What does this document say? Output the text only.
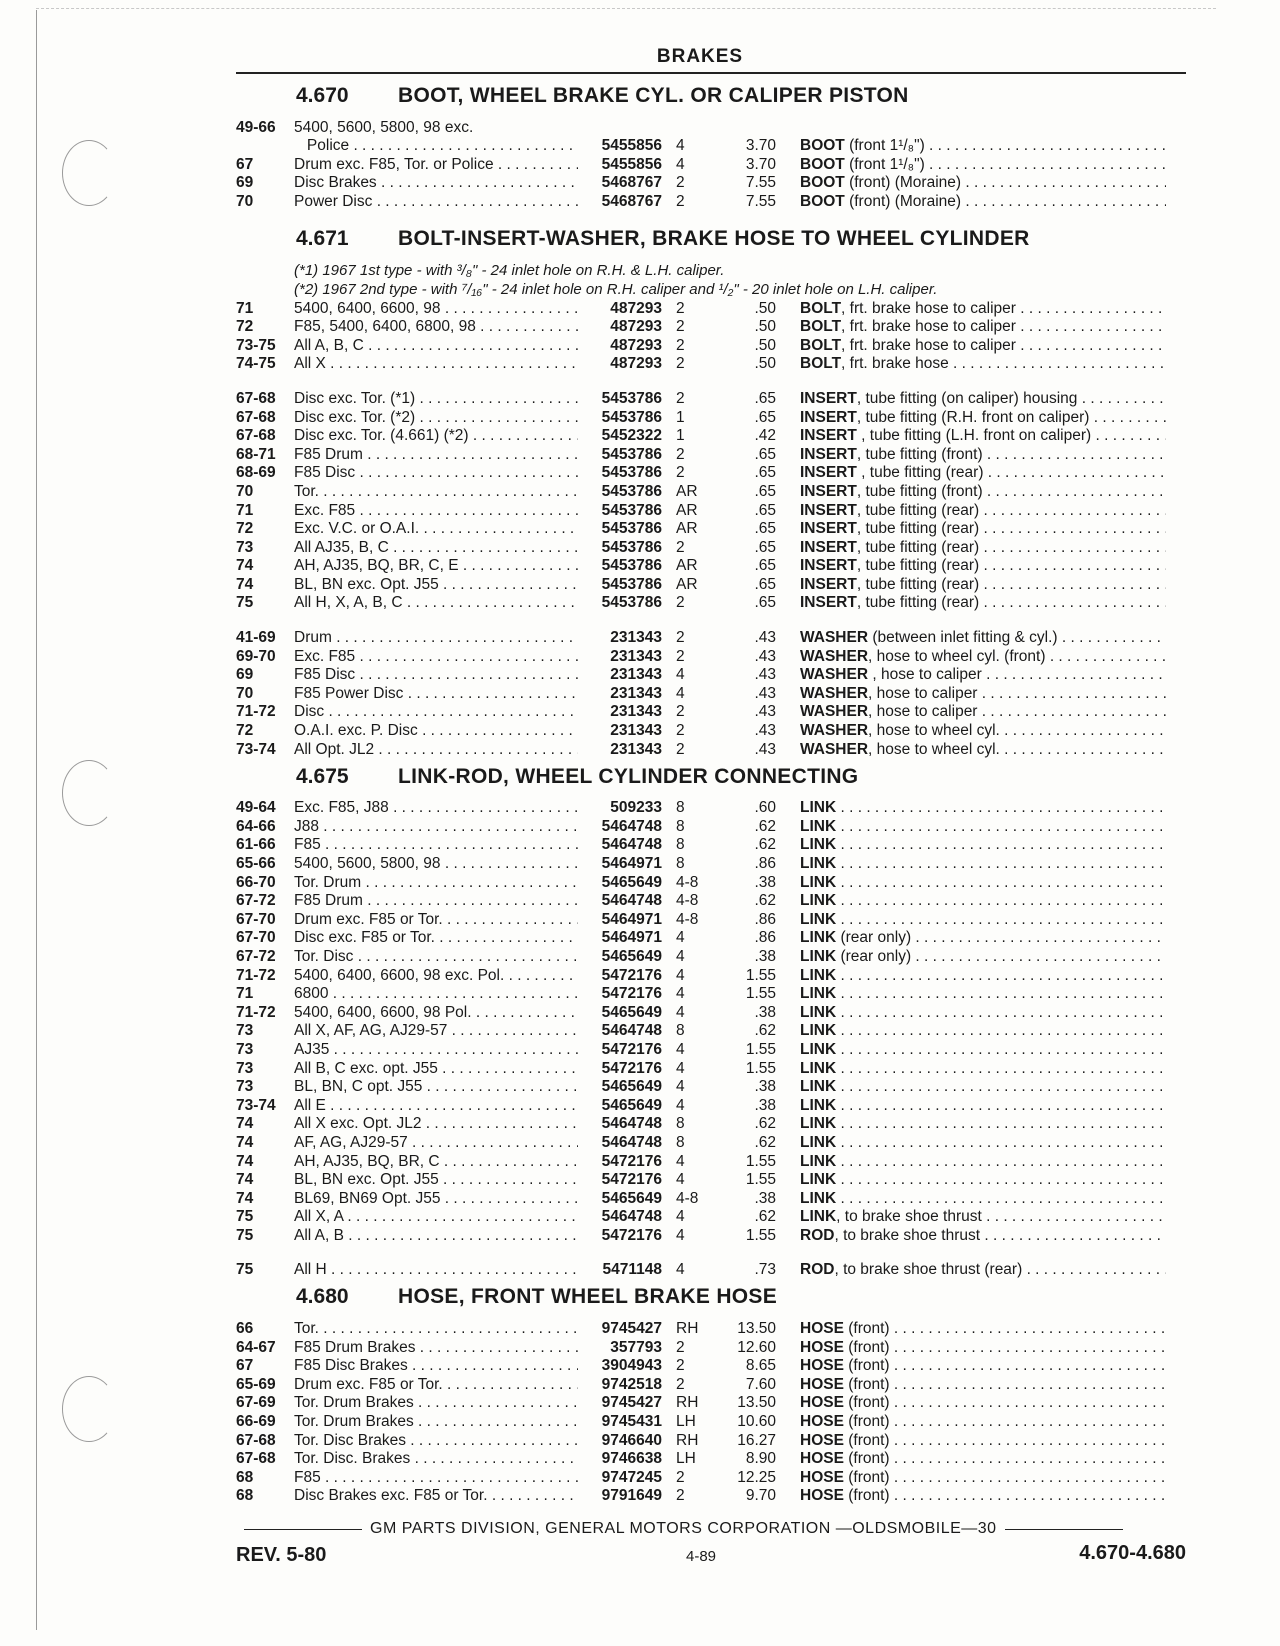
BRAKES
4.670	BOOT, WHEEL BRAKE CYL. OR CALIPER PISTON
49-66	5400, 5600, 5800, 98 exc.
Police . . .	5455856 4	3.70	BOOT (front 1¹/₈") . . .
67	Drum exc. F85, Tor. or Police . . .	5455856 4	3.70	BOOT (front 1¹/₈") . . .
69	Disc Brakes . . .	5468767 2	7.55	BOOT (front) (Moraine) . . .
70	Power Disc . . .	5468767 2	7.55	BOOT (front) (Moraine) . . .
4.671	BOLT-INSERT-WASHER, BRAKE HOSE TO WHEEL CYLINDER
(*1) 1967 1st type - with ³/₈" - 24 inlet hole on R.H. & L.H. caliper.
(*2) 1967 2nd type - with ⁷/₁₆" - 24 inlet hole on R.H. caliper and ¹/₂" - 20 inlet hole on L.H. caliper.
71	5400, 6400, 6600, 98 . . .	487293 2	.50	BOLT, frt. brake hose to caliper . . .
72	F85, 5400, 6400, 6800, 98 . . .	487293 2	.50	BOLT, frt. brake hose to caliper . . .
73-75	All A, B, C . . .	487293 2	.50	BOLT, frt. brake hose to caliper . . .
74-75	All X . . .	487293 2	.50	BOLT, frt. brake hose . . .
67-68	Disc exc. Tor. (*1) . . .	5453786 2	.65	INSERT, tube fitting (on caliper) housing . . .
67-68	Disc exc. Tor. (*2) . . .	5453786 1	.65	INSERT, tube fitting (R.H. front on caliper) . . .
67-68	Disc exc. Tor. (4.661) (*2) . . .	5452322 1	.42	INSERT , tube fitting (L.H. front on caliper) . . .
68-71	F85 Drum . . .	5453786 2	.65	INSERT, tube fitting (front) . . .
68-69	F85 Disc . . .	5453786 2	.65	INSERT , tube fitting (rear) . . .
70	Tor. . . .	5453786 AR	.65	INSERT, tube fitting (front) . . .
71	Exc. F85 . . .	5453786 AR	.65	INSERT, tube fitting (rear) . . .
72	Exc. V.C. or O.A.I. . . .	5453786 AR	.65	INSERT, tube fitting (rear) . . .
73	All AJ35, B, C . . .	5453786 2	.65	INSERT, tube fitting (rear) . . .
74	AH, AJ35, BQ, BR, C, E . . .	5453786 AR	.65	INSERT, tube fitting (rear) . . .
74	BL, BN exc. Opt. J55 . . .	5453786 AR	.65	INSERT, tube fitting (rear) . . .
75	All H, X, A, B, C . . .	5453786 2	.65	INSERT, tube fitting (rear) . . .
41-69	Drum . . .	231343 2	.43	WASHER (between inlet fitting & cyl.) . . .
69-70	Exc. F85 . . .	231343 2	.43	WASHER, hose to wheel cyl. (front) . . .
69	F85 Disc . . .	231343 4	.43	WASHER , hose to caliper . . .
70	F85 Power Disc . . .	231343 4	.43	WASHER, hose to caliper . . .
71-72	Disc . . .	231343 2	.43	WASHER, hose to caliper . . .
72	O.A.I. exc. P. Disc . . .	231343 2	.43	WASHER, hose to wheel cyl. . . .
73-74	All Opt. JL2 . . .	231343 2	.43	WASHER, hose to wheel cyl. . . .
4.675	LINK-ROD, WHEEL CYLINDER CONNECTING
49-64	Exc. F85, J88 . . .	509233 8	.60	LINK . . .
64-66	J88 . . .	5464748 8	.62	LINK . . .
61-66	F85 . . .	5464748 8	.62	LINK . . .
65-66	5400, 5600, 5800, 98 . . .	5464971 8	.86	LINK . . .
66-70	Tor. Drum . . .	5465649 4-8	.38	LINK . . .
67-72	F85 Drum . . .	5464748 4-8	.62	LINK . . .
67-70	Drum exc. F85 or Tor. . . .	5464971 4-8	.86	LINK . . .
67-70	Disc exc. F85 or Tor. . . .	5464971 4	.86	LINK (rear only) . . .
67-72	Tor. Disc . . .	5465649 4	.38	LINK (rear only) . . .
71-72	5400, 6400, 6600, 98 exc. Pol. . . .	5472176 4	1.55	LINK . . .
71	6800 . . .	5472176 4	1.55	LINK . . .
71-72	5400, 6400, 6600, 98 Pol. . . .	5465649 4	.38	LINK . . .
73	All X, AF, AG, AJ29-57 . . .	5464748 8	.62	LINK . . .
73	AJ35 . . .	5472176 4	1.55	LINK . . .
73	All B, C exc. opt. J55 . . .	5472176 4	1.55	LINK . . .
73	BL, BN, C opt. J55 . . .	5465649 4	.38	LINK . . .
73-74	All E . . .	5465649 4	.38	LINK . . .
74	All X exc. Opt. JL2 . . .	5464748 8	.62	LINK . . .
74	AF, AG, AJ29-57 . . .	5464748 8	.62	LINK . . .
74	AH, AJ35, BQ, BR, C . . .	5472176 4	1.55	LINK . . .
74	BL, BN exc. Opt. J55 . . .	5472176 4	1.55	LINK . . .
74	BL69, BN69 Opt. J55 . . .	5465649 4-8	.38	LINK . . .
75	All X, A . . .	5464748 4	.62	LINK, to brake shoe thrust . . .
75	All A, B . . .	5472176 4	1.55	ROD, to brake shoe thrust . . .
75	All H . . .	5471148 4	.73	ROD, to brake shoe thrust (rear) . . .
4.680	HOSE, FRONT WHEEL BRAKE HOSE
66	Tor. . . .	9745427 RH	13.50	HOSE (front) . . .
64-67	F85 Drum Brakes . . .	357793 2	12.60	HOSE (front) . . .
67	F85 Disc Brakes . . .	3904943 2	8.65	HOSE (front) . . .
65-69	Drum exc. F85 or Tor. . . .	9742518 2	7.60	HOSE (front) . . .
67-69	Tor. Drum Brakes . . .	9745427 RH	13.50	HOSE (front) . . .
66-69	Tor. Drum Brakes . . .	9745431 LH	10.60	HOSE (front) . . .
67-68	Tor. Disc Brakes . . .	9746640 RH	16.27	HOSE (front) . . .
67-68	Tor. Disc. Brakes . . .	9746638 LH	8.90	HOSE (front) . . .
68	F85 . . .	9747245 2	12.25	HOSE (front) . . .
68	Disc Brakes exc. F85 or Tor. . . .	9791649 2	9.70	HOSE (front) . . .
GM PARTS DIVISION, GENERAL MOTORS CORPORATION —OLDSMOBILE—30
REV. 5-80	4-89	4.670-4.680
